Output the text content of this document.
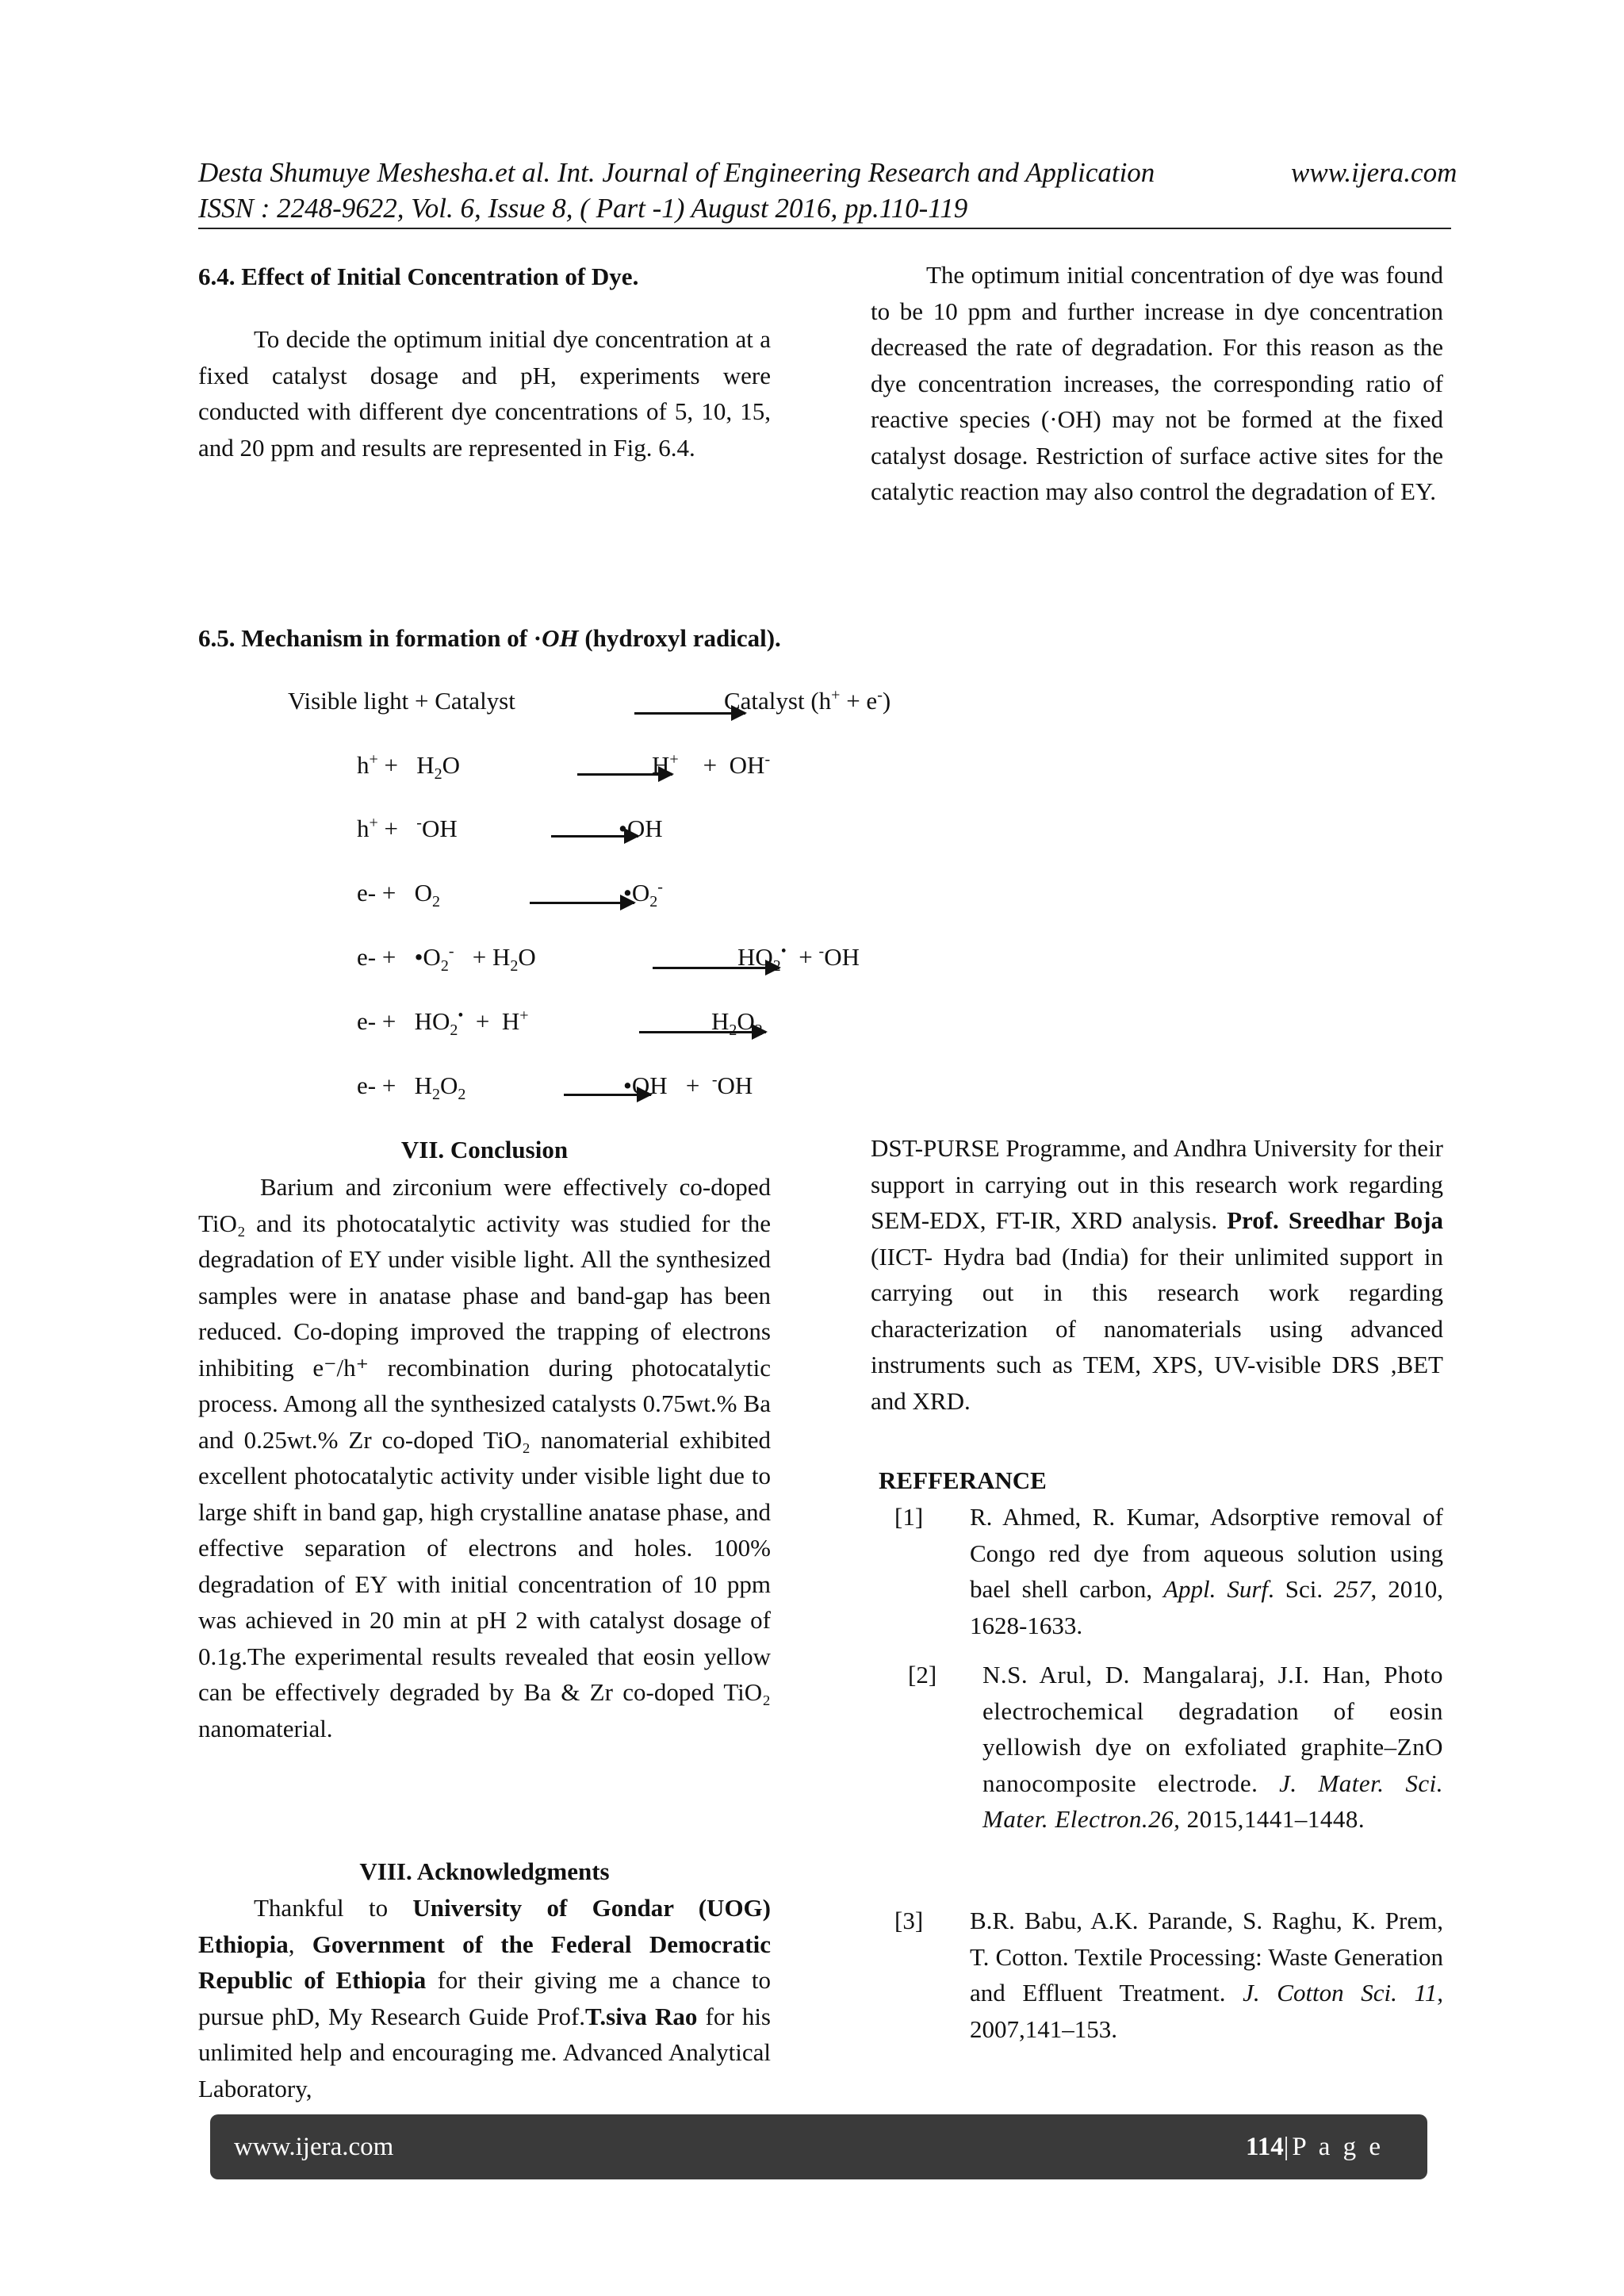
Desta Shumuye Meshesha.et al. Int. Journal of Engineering Research and Application	www.ijera.com
ISSN : 2248-9622, Vol. 6, Issue 8, ( Part -1) August 2016, pp.110-119
6.4. Effect of Initial Concentration of Dye.

To decide the optimum initial dye concentration at a fixed catalyst dosage and pH, experiments were conducted with different dye concentrations of 5, 10, 15, and 20 ppm and results are represented in Fig. 6.4.

The optimum initial concentration of dye was found to be 10 ppm and further increase in dye concentration decreased the rate of degradation. For this reason as the dye concentration increases, the corresponding ratio of reactive species (·OH) may not be formed at the fixed catalyst dosage. Restriction of surface active sites for the catalytic reaction may also control the degradation of EY.

6.5. Mechanism in formation of ·OH (hydroxyl radical).
Visible light + Catalyst	Catalyst (h+ + e-)
$h^+ + H_2O$	H+    +  OH-
h+ +   -OH	•OH
$e- + O_2$	$•O_2^-$
$e- + •O_2^- + H_2O$	$HO_2^• + ^-OH$
$e- + HO_2^• + H^+$	$H_2O_2$
$e- + H_2O_2$	•OH   +  -OH
VII. Conclusion

Barium and zirconium were effectively co-doped TiO₂ and its photocatalytic activity was studied for the degradation of EY under visible light. All the synthesized samples were in anatase phase and band-gap has been reduced. Co-doping improved the trapping of electrons inhibiting e⁻/h⁺ recombination during photocatalytic process. Among all the synthesized catalysts 0.75wt.% Ba and 0.25wt.% Zr co-doped TiO₂ nanomaterial exhibited excellent photocatalytic activity under visible light due to large shift in band gap, high crystalline anatase phase, and effective separation of electrons and holes. 100% degradation of EY with initial concentration of 10 ppm was achieved in 20 min at pH 2 with catalyst dosage of 0.1g.The experimental results revealed that eosin yellow can be effectively degraded by Ba & Zr co-doped TiO₂ nanomaterial.

VIII. Acknowledgments

Thankful to University of Gondar (UOG) Ethiopia, Government of the Federal Democratic Republic of Ethiopia for their giving me a chance to pursue phD, My Research Guide Prof.T.siva Rao for his unlimited help and encouraging me. Advanced Analytical Laboratory,

DST-PURSE Programme, and Andhra University for their support in carrying out in this research work regarding SEM-EDX, FT-IR, XRD analysis. Prof. Sreedhar Boja (IICT- Hydra bad (India) for their unlimited support in carrying out in this research work regarding characterization of nanomaterials using advanced instruments such as TEM, XPS, UV-visible DRS ,BET and XRD.

REFFERANCE
[1] R. Ahmed, R. Kumar, Adsorptive removal of Congo red dye from aqueous solution using bael shell carbon, Appl. Surf. Sci. 257, 2010, 1628-1633.
[2] N.S. Arul, D. Mangalaraj, J.I. Han, Photo electrochemical degradation of eosin yellowish dye on exfoliated graphite–ZnO nanocomposite electrode. J. Mater. Sci. Mater. Electron.26, 2015,1441–1448.
[3] B.R. Babu, A.K. Parande, S. Raghu, K. Prem, T. Cotton. Textile Processing: Waste Generation and Effluent Treatment. J. Cotton Sci. 11, 2007,141–153.
www.ijera.com	114|P a g e
